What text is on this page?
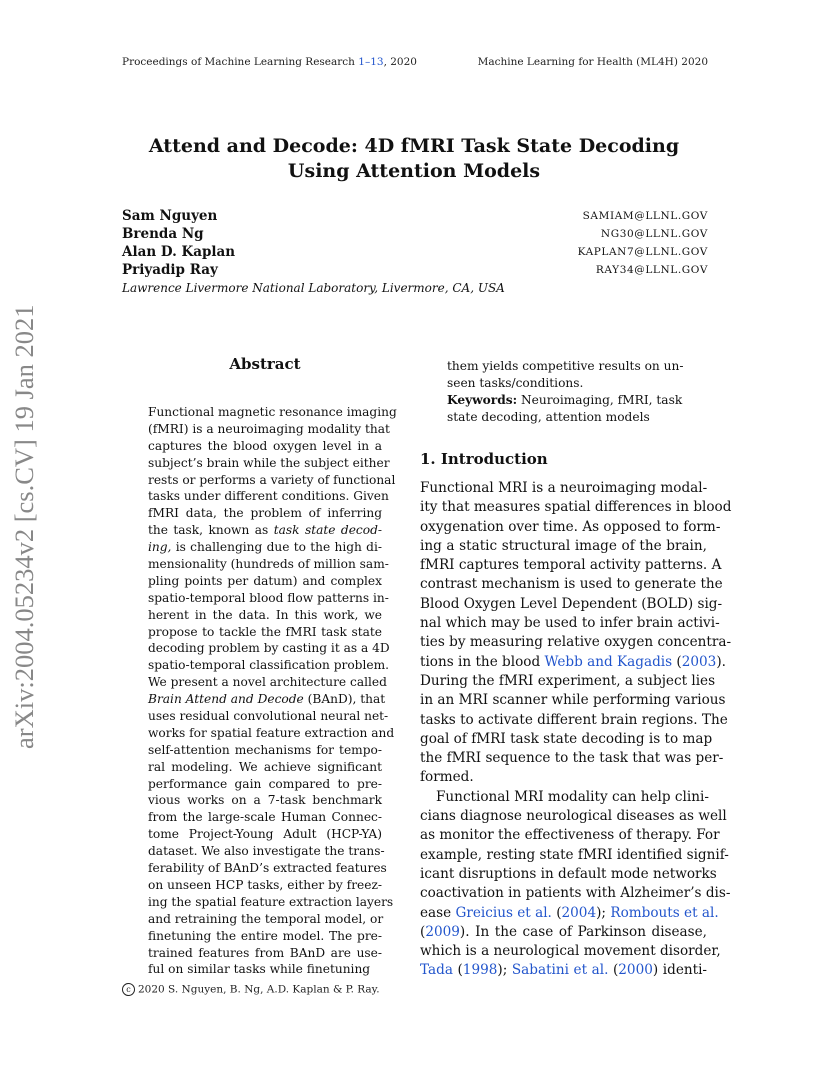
Proceedings of Machine Learning Research 1–13, 2020	Machine Learning for Health (ML4H) 2020
Attend and Decode: 4D fMRI Task State Decoding
Using Attention Models
Sam Nguyen	SAMIAM@LLNL.GOV
Brenda Ng	NG30@LLNL.GOV
Alan D. Kaplan	KAPLAN7@LLNL.GOV
Priyadip Ray	RAY34@LLNL.GOV
Lawrence Livermore National Laboratory, Livermore, CA, USA
arXiv:2004.05234v2 [cs.CV] 19 Jan 2021	Abstract
Functional magnetic resonance imaging
(fMRI) is a neuroimaging modality that
captures the blood oxygen level in a
subject’s brain while the subject either
rests or performs a variety of functional
tasks under different conditions. Given
fMRI data, the problem of inferring
the task, known as task state decod-
ing, is challenging due to the high di-
mensionality (hundreds of million sam-
pling points per datum) and complex
spatio-temporal blood flow patterns in-
herent in the data. In this work, we
propose to tackle the fMRI task state
decoding problem by casting it as a 4D
spatio-temporal classification problem.
We present a novel architecture called
Brain Attend and Decode (BAnD), that
uses residual convolutional neural net-
works for spatial feature extraction and
self-attention mechanisms for tempo-
ral modeling. We achieve significant
performance gain compared to pre-
vious works on a 7-task benchmark
from the large-scale Human Connec-
tome Project-Young Adult (HCP-YA)
dataset. We also investigate the trans-
ferability of BAnD’s extracted features
on unseen HCP tasks, either by freez-
ing the spatial feature extraction layers
and retraining the temporal model, or
finetuning the entire model. The pre-
trained features from BAnD are use-
ful on similar tasks while finetuning
them yields competitive results on un-
seen tasks/conditions.
Keywords: Neuroimaging, fMRI, task
state decoding, attention models
1. Introduction
Functional MRI is a neuroimaging modal-
ity that measures spatial differences in blood
oxygenation over time. As opposed to form-
ing a static structural image of the brain,
fMRI captures temporal activity patterns. A
contrast mechanism is used to generate the
Blood Oxygen Level Dependent (BOLD) sig-
nal which may be used to infer brain activi-
ties by measuring relative oxygen concentra-
tions in the blood Webb and Kagadis (2003).
During the fMRI experiment, a subject lies
in an MRI scanner while performing various
tasks to activate different brain regions. The
goal of fMRI task state decoding is to map
the fMRI sequence to the task that was per-
formed.
Functional MRI modality can help clini-
cians diagnose neurological diseases as well
as monitor the effectiveness of therapy. For
example, resting state fMRI identified signif-
icant disruptions in default mode networks
coactivation in patients with Alzheimer’s dis-
ease Greicius et al. (2004); Rombouts et al.
(2009). In the case of Parkinson disease,
which is a neurological movement disorder,
Tada (1998); Sabatini et al. (2000) identi-
c 2020 S. Nguyen, B. Ng, A.D. Kaplan & P. Ray.
